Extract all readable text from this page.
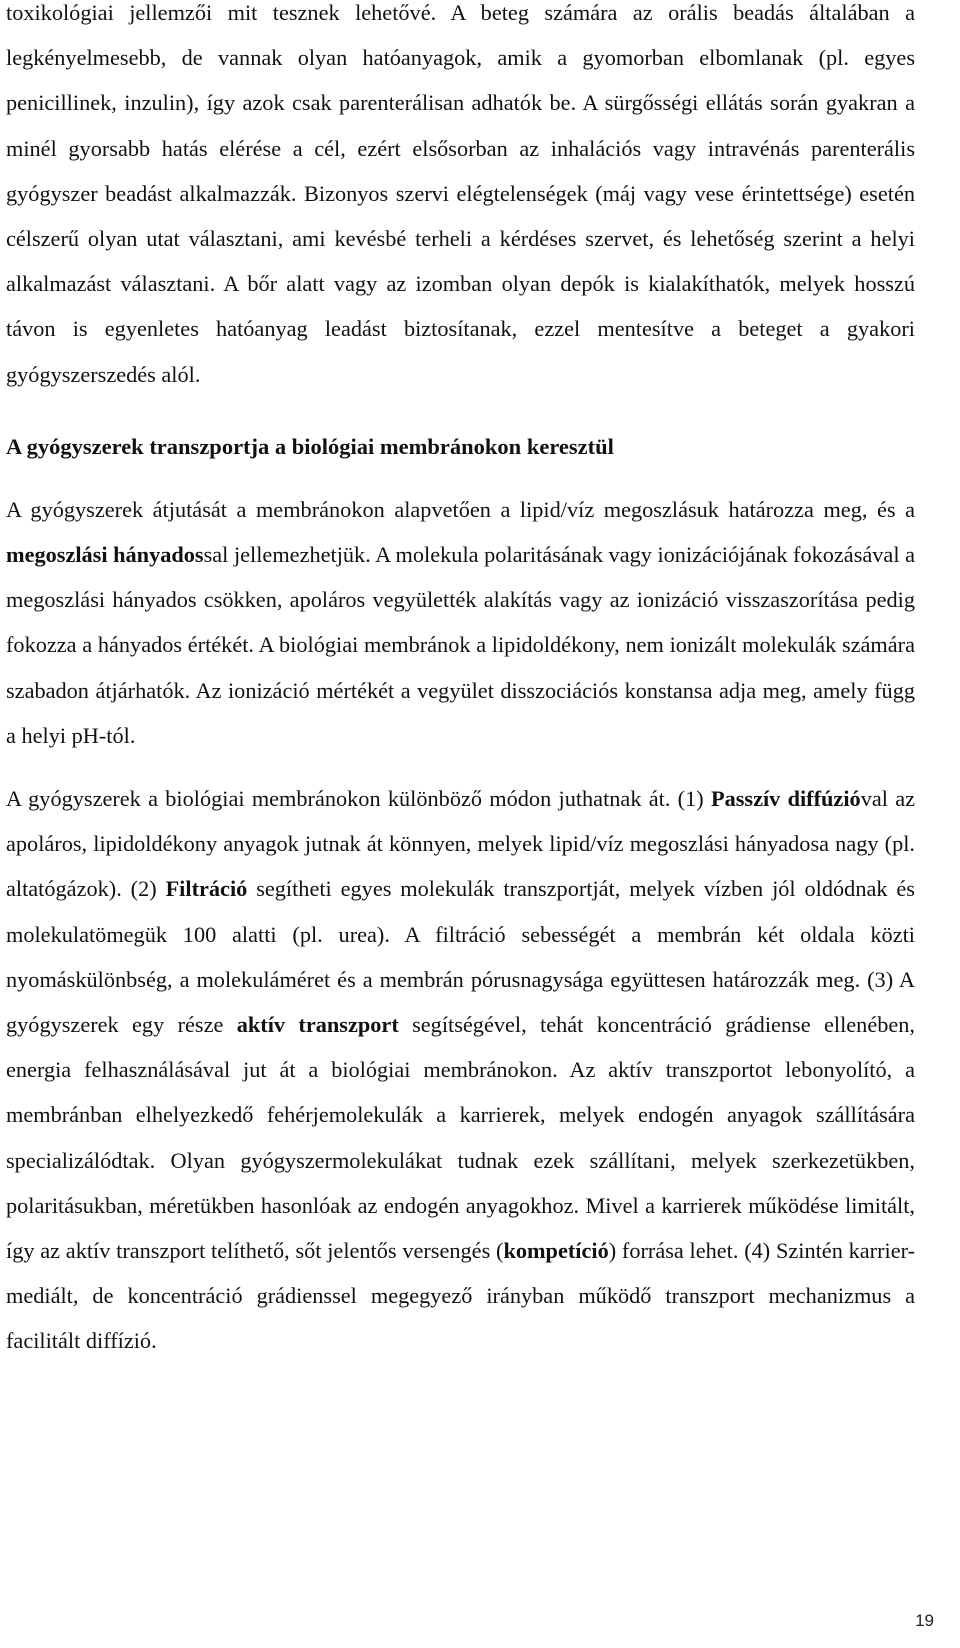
toxikológiai jellemzői mit tesznek lehetővé. A beteg számára az orális beadás általában a legkényelmesebb, de vannak olyan hatóanyagok, amik a gyomorban elbomlanak (pl. egyes penicillinek, inzulin), így azok csak parenterálisan adhatók be. A sürgősségi ellátás során gyakran a minél gyorsabb hatás elérése a cél, ezért elsősorban az inhalációs vagy intravénás parenterális gyógyszer beadást alkalmazzák. Bizonyos szervi elégtelenségek (máj vagy vese érintettsége) esetén célszerű olyan utat választani, ami kevésbé terheli a kérdéses szervet, és lehetőség szerint a helyi alkalmazást választani. A bőr alatt vagy az izomban olyan depók is kialakíthatók, melyek hosszú távon is egyenletes hatóanyag leadást biztosítanak, ezzel mentesítve a beteget a gyakori gyógyszerszedés alól.

A gyógyszerek transzportja a biológiai membránokon keresztül

A gyógyszerek átjutását a membránokon alapvetően a lipid/víz megoszlásuk határozza meg, és a megoszlási hányadossal jellemezhetjük. A molekula polaritásának vagy ionizációjának fokozásával a megoszlási hányados csökken, apoláros vegyülették alakítás vagy az ionizáció visszaszorítása pedig fokozza a hányados értékét. A biológiai membránok a lipidoldékony, nem ionizált molekulák számára szabadon átjárhatók. Az ionizáció mértékét a vegyület disszociációs konstansa adja meg, amely függ a helyi pH-tól.

A gyógyszerek a biológiai membránokon különböző módon juthatnak át. (1) Passzív diffúzióval az apoláros, lipidoldékony anyagok jutnak át könnyen, melyek lipid/víz megoszlási hányadosa nagy (pl. altatógázok). (2) Filtráció segítheti egyes molekulák transzportját, melyek vízben jól oldódnak és molekulatömegük 100 alatti (pl. urea). A filtráció sebességét a membrán két oldala közti nyomáskülönbség, a molekuláméret és a membrán pórusnagysága együttesen határozzák meg. (3) A gyógyszerek egy része aktív transzport segítségével, tehát koncentráció grádiense ellenében, energia felhasználásával jut át a biológiai membránokon. Az aktív transzportot lebonyolító, a membránban elhelyezkedő fehérjemolekulák a karrierek, melyek endogén anyagok szállítására specializálódtak. Olyan gyógyszermolekulákat tudnak ezek szállítani, melyek szerkezetükben, polaritásukban, méretükben hasonlóak az endogén anyagokhoz. Mivel a karrierek működése limitált, így az aktív transzport telíthető, sőt jelentős versengés (kompetíció) forrása lehet. (4) Szintén karrier-mediált, de koncentráció grádienssel megegyező irányban működő transzport mechanizmus a facilitált diffízió.

19
